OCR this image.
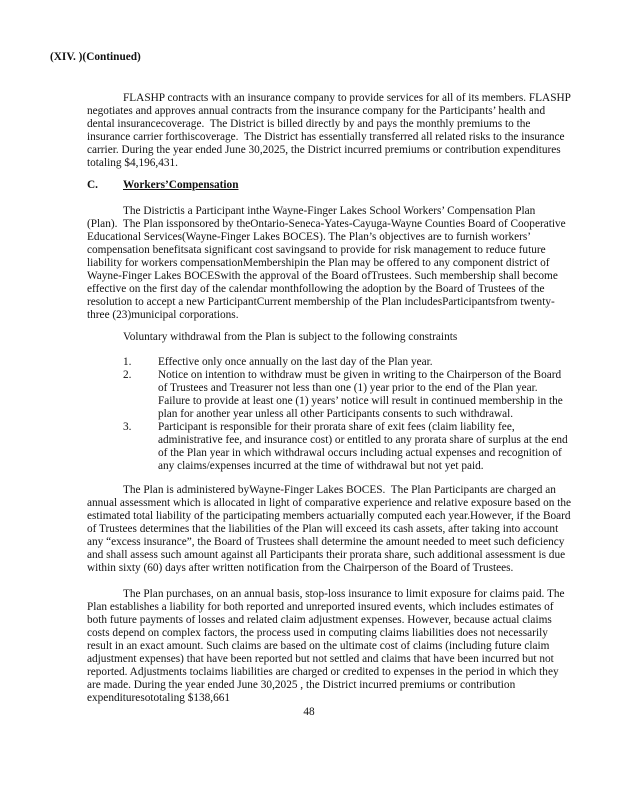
(XIV. )(Continued)
FLASHP contracts with an insurance company to provide services for all of its members. FLASHP
negotiates and approves annual contracts from the insurance company for the Participants’ health and
dental insurancecoverage.  The District is billed directly by and pays the monthly premiums to the
insurance carrier forthiscoverage.  The District has essentially transferred all related risks to the insurance
carrier. During the year ended June 30,2025, the District incurred premiums or contribution expenditures
totaling $4,196,431.
C. Workers’Compensation
The Districtis a Participant inthe Wayne-Finger Lakes School Workers’ Compensation Plan
(Plan).  The Plan issponsored by theOntario-Seneca-Yates-Cayuga-Wayne Counties Board of Cooperative
Educational Services(Wayne-Finger Lakes BOCES). The Plan’s objectives are to furnish workers’
compensation benefitsata significant cost savingsand to provide for risk management to reduce future
liability for workers compensationMembershipin the Plan may be offered to any component district of
Wayne-Finger Lakes BOCESwith the approval of the Board ofTrustees. Such membership shall become
effective on the first day of the calendar monthfollowing the adoption by the Board of Trustees of the
resolution to accept a new ParticipantCurrent membership of the Plan includesParticipantsfrom twenty-
three (23)municipal corporations.
Voluntary withdrawal from the Plan is subject to the following constraints
1. Effective only once annually on the last day of the Plan year.
2. Notice on intention to withdraw must be given in writing to the Chairperson of the Board
of Trustees and Treasurer not less than one (1) year prior to the end of the Plan year.
Failure to provide at least one (1) years’ notice will result in continued membership in the
plan for another year unless all other Participants consents to such withdrawal.
3. Participant is responsible for their prorata share of exit fees (claim liability fee,
administrative fee, and insurance cost) or entitled to any prorata share of surplus at the end
of the Plan year in which withdrawal occurs including actual expenses and recognition of
any claims/expenses incurred at the time of withdrawal but not yet paid.
The Plan is administered byWayne-Finger Lakes BOCES.  The Plan Participants are charged an
annual assessment which is allocated in light of comparative experience and relative exposure based on the
estimated total liability of the participating members actuarially computed each year.However, if the Board
of Trustees determines that the liabilities of the Plan will exceed its cash assets, after taking into account
any “excess insurance”, the Board of Trustees shall determine the amount needed to meet such deficiency
and shall assess such amount against all Participants their prorata share, such additional assessment is due
within sixty (60) days after written notification from the Chairperson of the Board of Trustees.
The Plan purchases, on an annual basis, stop-loss insurance to limit exposure for claims paid. The
Plan establishes a liability for both reported and unreported insured events, which includes estimates of
both future payments of losses and related claim adjustment expenses. However, because actual claims
costs depend on complex factors, the process used in computing claims liabilities does not necessarily
result in an exact amount. Such claims are based on the ultimate cost of claims (including future claim
adjustment expenses) that have been reported but not settled and claims that have been incurred but not
reported. Adjustments toclaims liabilities are charged or credited to expenses in the period in which they
are made. During the year ended June 30,2025 , the District incurred premiums or contribution
expendituresototaling $138,661
48
